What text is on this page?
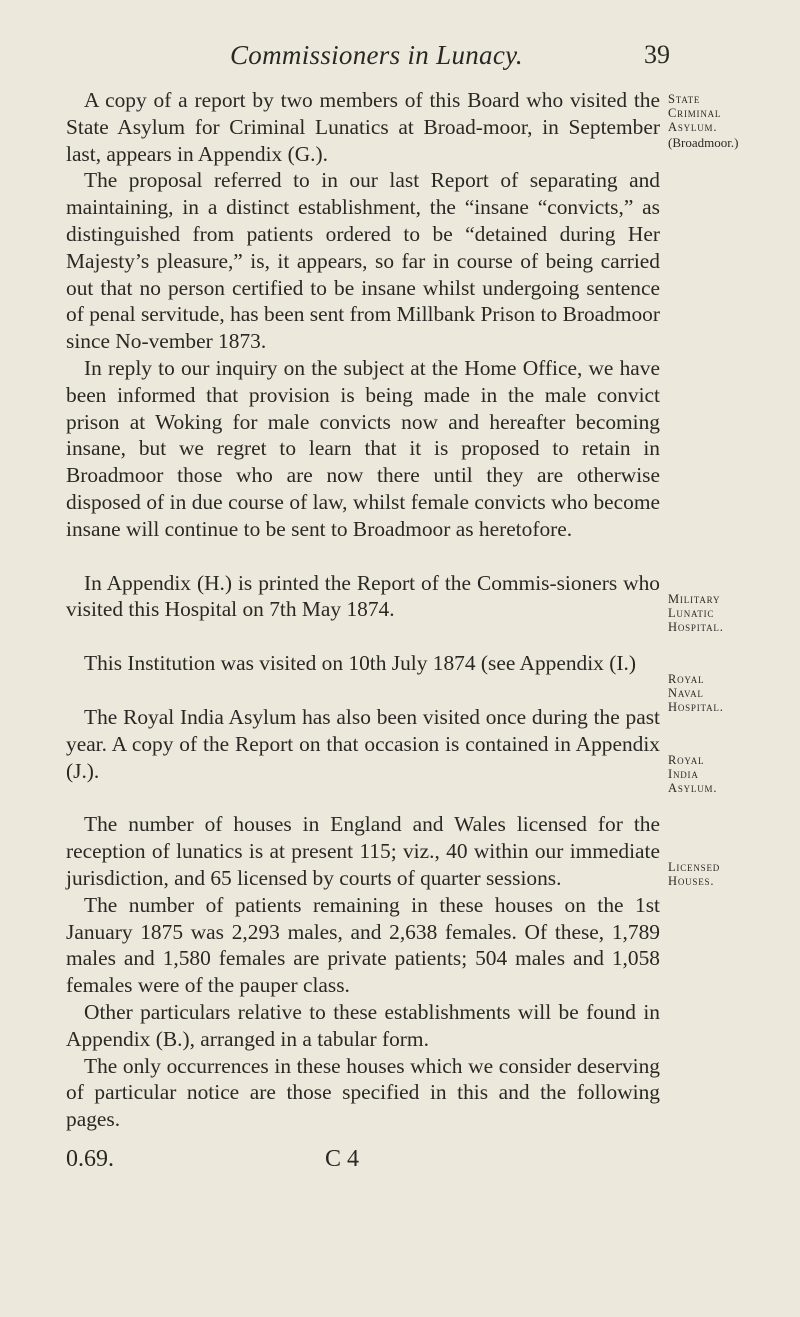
Commissioners in Lunacy.	39

A copy of a report by two members of this Board who visited the State Asylum for Criminal Lunatics at Broad-moor, in September last, appears in Appendix (G.).

The proposal referred to in our last Report of separating and maintaining, in a distinct establishment, the “insane “convicts,” as distinguished from patients ordered to be “detained during Her Majesty’s pleasure,” is, it appears, so far in course of being carried out that no person certified to be insane whilst undergoing sentence of penal servitude, has been sent from Millbank Prison to Broadmoor since No-vember 1873.

In reply to our inquiry on the subject at the Home Office, we have been informed that provision is being made in the male convict prison at Woking for male convicts now and hereafter becoming insane, but we regret to learn that it is proposed to retain in Broadmoor those who are now there until they are otherwise disposed of in due course of law, whilst female convicts who become insane will continue to be sent to Broadmoor as heretofore.

In Appendix (H.) is printed the Report of the Commis-sioners who visited this Hospital on 7th May 1874.

This Institution was visited on 10th July 1874 (see Appendix (I.)

The Royal India Asylum has also been visited once during the past year. A copy of the Report on that occasion is contained in Appendix (J.).

The number of houses in England and Wales licensed for the reception of lunatics is at present 115; viz., 40 within our immediate jurisdiction, and 65 licensed by courts of quarter sessions.

The number of patients remaining in these houses on the 1st January 1875 was 2,293 males, and 2,638 females. Of these, 1,789 males and 1,580 females are private patients; 504 males and 1,058 females were of the pauper class.

Other particulars relative to these establishments will be found in Appendix (B.), arranged in a tabular form.

The only occurrences in these houses which we consider deserving of particular notice are those specified in this and the following pages.

State
Criminal
Asylum.
(Broadmoor.)
Military
Lunatic
Hospital.
Royal
Naval
Hospital.
Royal
India
Asylum.
Licensed
Houses.
0.69.	C 4
